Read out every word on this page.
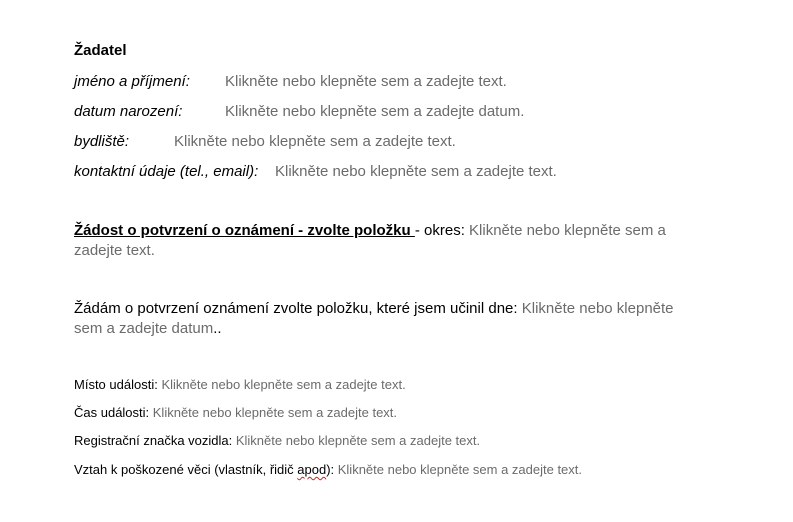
Žadatel
jméno a příjmení: Klikněte nebo klepněte sem a zadejte text.
datum narození:	Klikněte nebo klepněte sem a zadejte datum.
bydliště:	Klikněte nebo klepněte sem a zadejte text.
kontaktní údaje (tel., email): Klikněte nebo klepněte sem a zadejte text.
Žádost o potvrzení o oznámení - zvolte položku - okres: Klikněte nebo klepněte sem a
zadejte text.
Žádám o potvrzení oznámení zvolte položku, které jsem učinil dne: Klikněte nebo klepněte
sem a zadejte datum..
Místo události: Klikněte nebo klepněte sem a zadejte text.
Čas události: Klikněte nebo klepněte sem a zadejte text.
Registrační značka vozidla: Klikněte nebo klepněte sem a zadejte text.
Vztah k poškozené věci (vlastník, řidič apod): Klikněte nebo klepněte sem a zadejte text.
